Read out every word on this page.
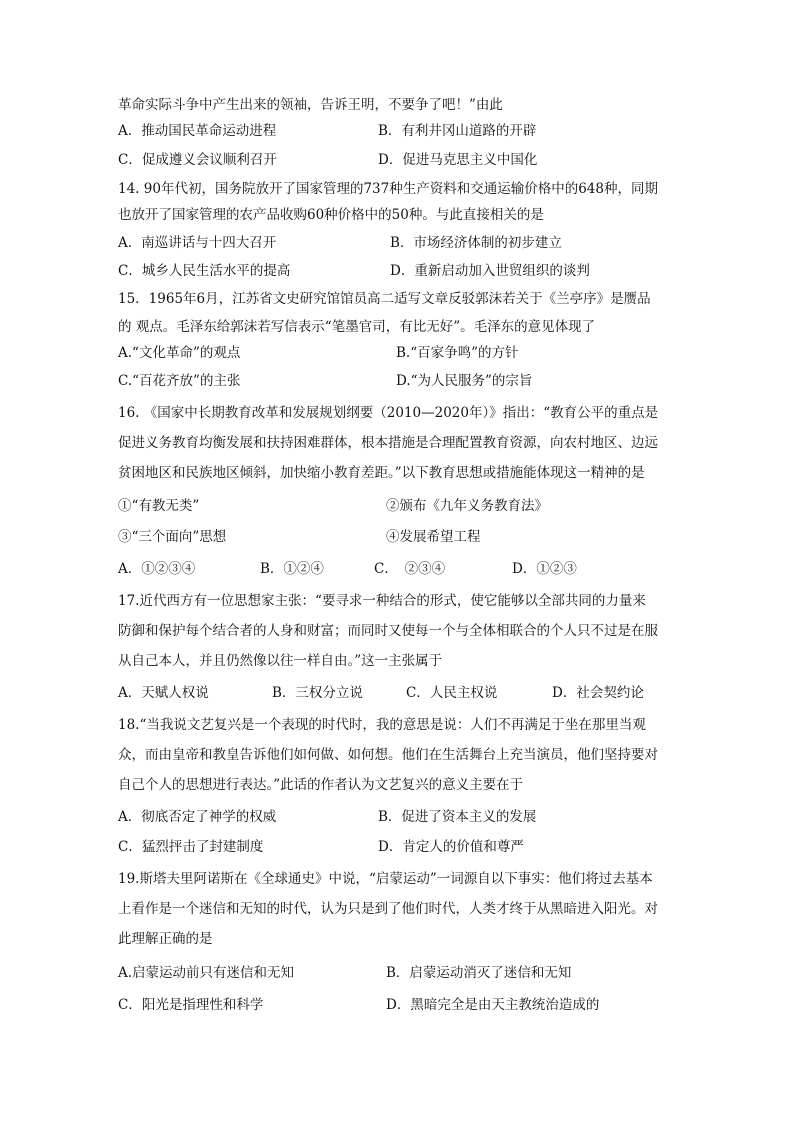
革命实际斗争中产生出来的领袖，告诉王明，不要争了吧！”由此
A．推动国民革命运动进程	B．有利井冈山道路的开辟
C．促成遵义会议顺利召开	D．促进马克思主义中国化
14. 90年代初，国务院放开了国家管理的737种生产资料和交通运输价格中的648种，同期
也放开了国家管理的农产品收购60种价格中的50种。与此直接相关的是
A．南巡讲话与十四大召开	B．市场经济体制的初步建立
C．城乡人民生活水平的提高	D．重新启动加入世贸组织的谈判
15．1965年6月，江苏省文史研究馆馆员高二适写文章反驳郭沫若关于《兰亭序》是赝品
的 观点。毛泽东给郭沫若写信表示“笔墨官司，有比无好”。毛泽东的意见体现了
A.“文化革命”的观点	B.“百家争鸣”的方针
C.“百花齐放”的主张	D.“为人民服务”的宗旨
16. 《国家中长期教育改革和发展规划纲要（2010—2020年）》指出：“教育公平的重点是
促进义务教育均衡发展和扶持困难群体，根本措施是合理配置教育资源，向农村地区、边远
贫困地区和民族地区倾斜，加快缩小教育差距。”以下教育思想或措施能体现这一精神的是
①“有教无类”	②颁布《九年义务教育法》
③“三个面向”思想	④发展希望工程
A．①②③④	B．①②④	C．　②③④	D．①②③
17.近代西方有一位思想家主张：“要寻求一种结合的形式，使它能够以全部共同的力量来
防御和保护每个结合者的人身和财富；而同时又使每一个与全体相联合的个人只不过是在服
从自己本人，并且仍然像以往一样自由。”这一主张属于
A．天赋人权说	B．三权分立说	C．人民主权说	D．社会契约论
18.“当我说文艺复兴是一个表现的时代时，我的意思是说：人们不再满足于坐在那里当观
众，而由皇帝和教皇告诉他们如何做、如何想。他们在生活舞台上充当演员，他们坚持要对
自己个人的思想进行表达。”此话的作者认为文艺复兴的意义主要在于
A．彻底否定了神学的权威	B．促进了资本主义的发展
C．猛烈抨击了封建制度	D．肯定人的价值和尊严
19.斯塔夫里阿诺斯在《全球通史》中说，“启蒙运动”一词源自以下事实：他们将过去基本
上看作是一个迷信和无知的时代，认为只是到了他们时代，人类才终于从黑暗进入阳光。对
此理解正确的是
A.启蒙运动前只有迷信和无知	B．启蒙运动消灭了迷信和无知
C．阳光是指理性和科学	D．黑暗完全是由天主教统治造成的
